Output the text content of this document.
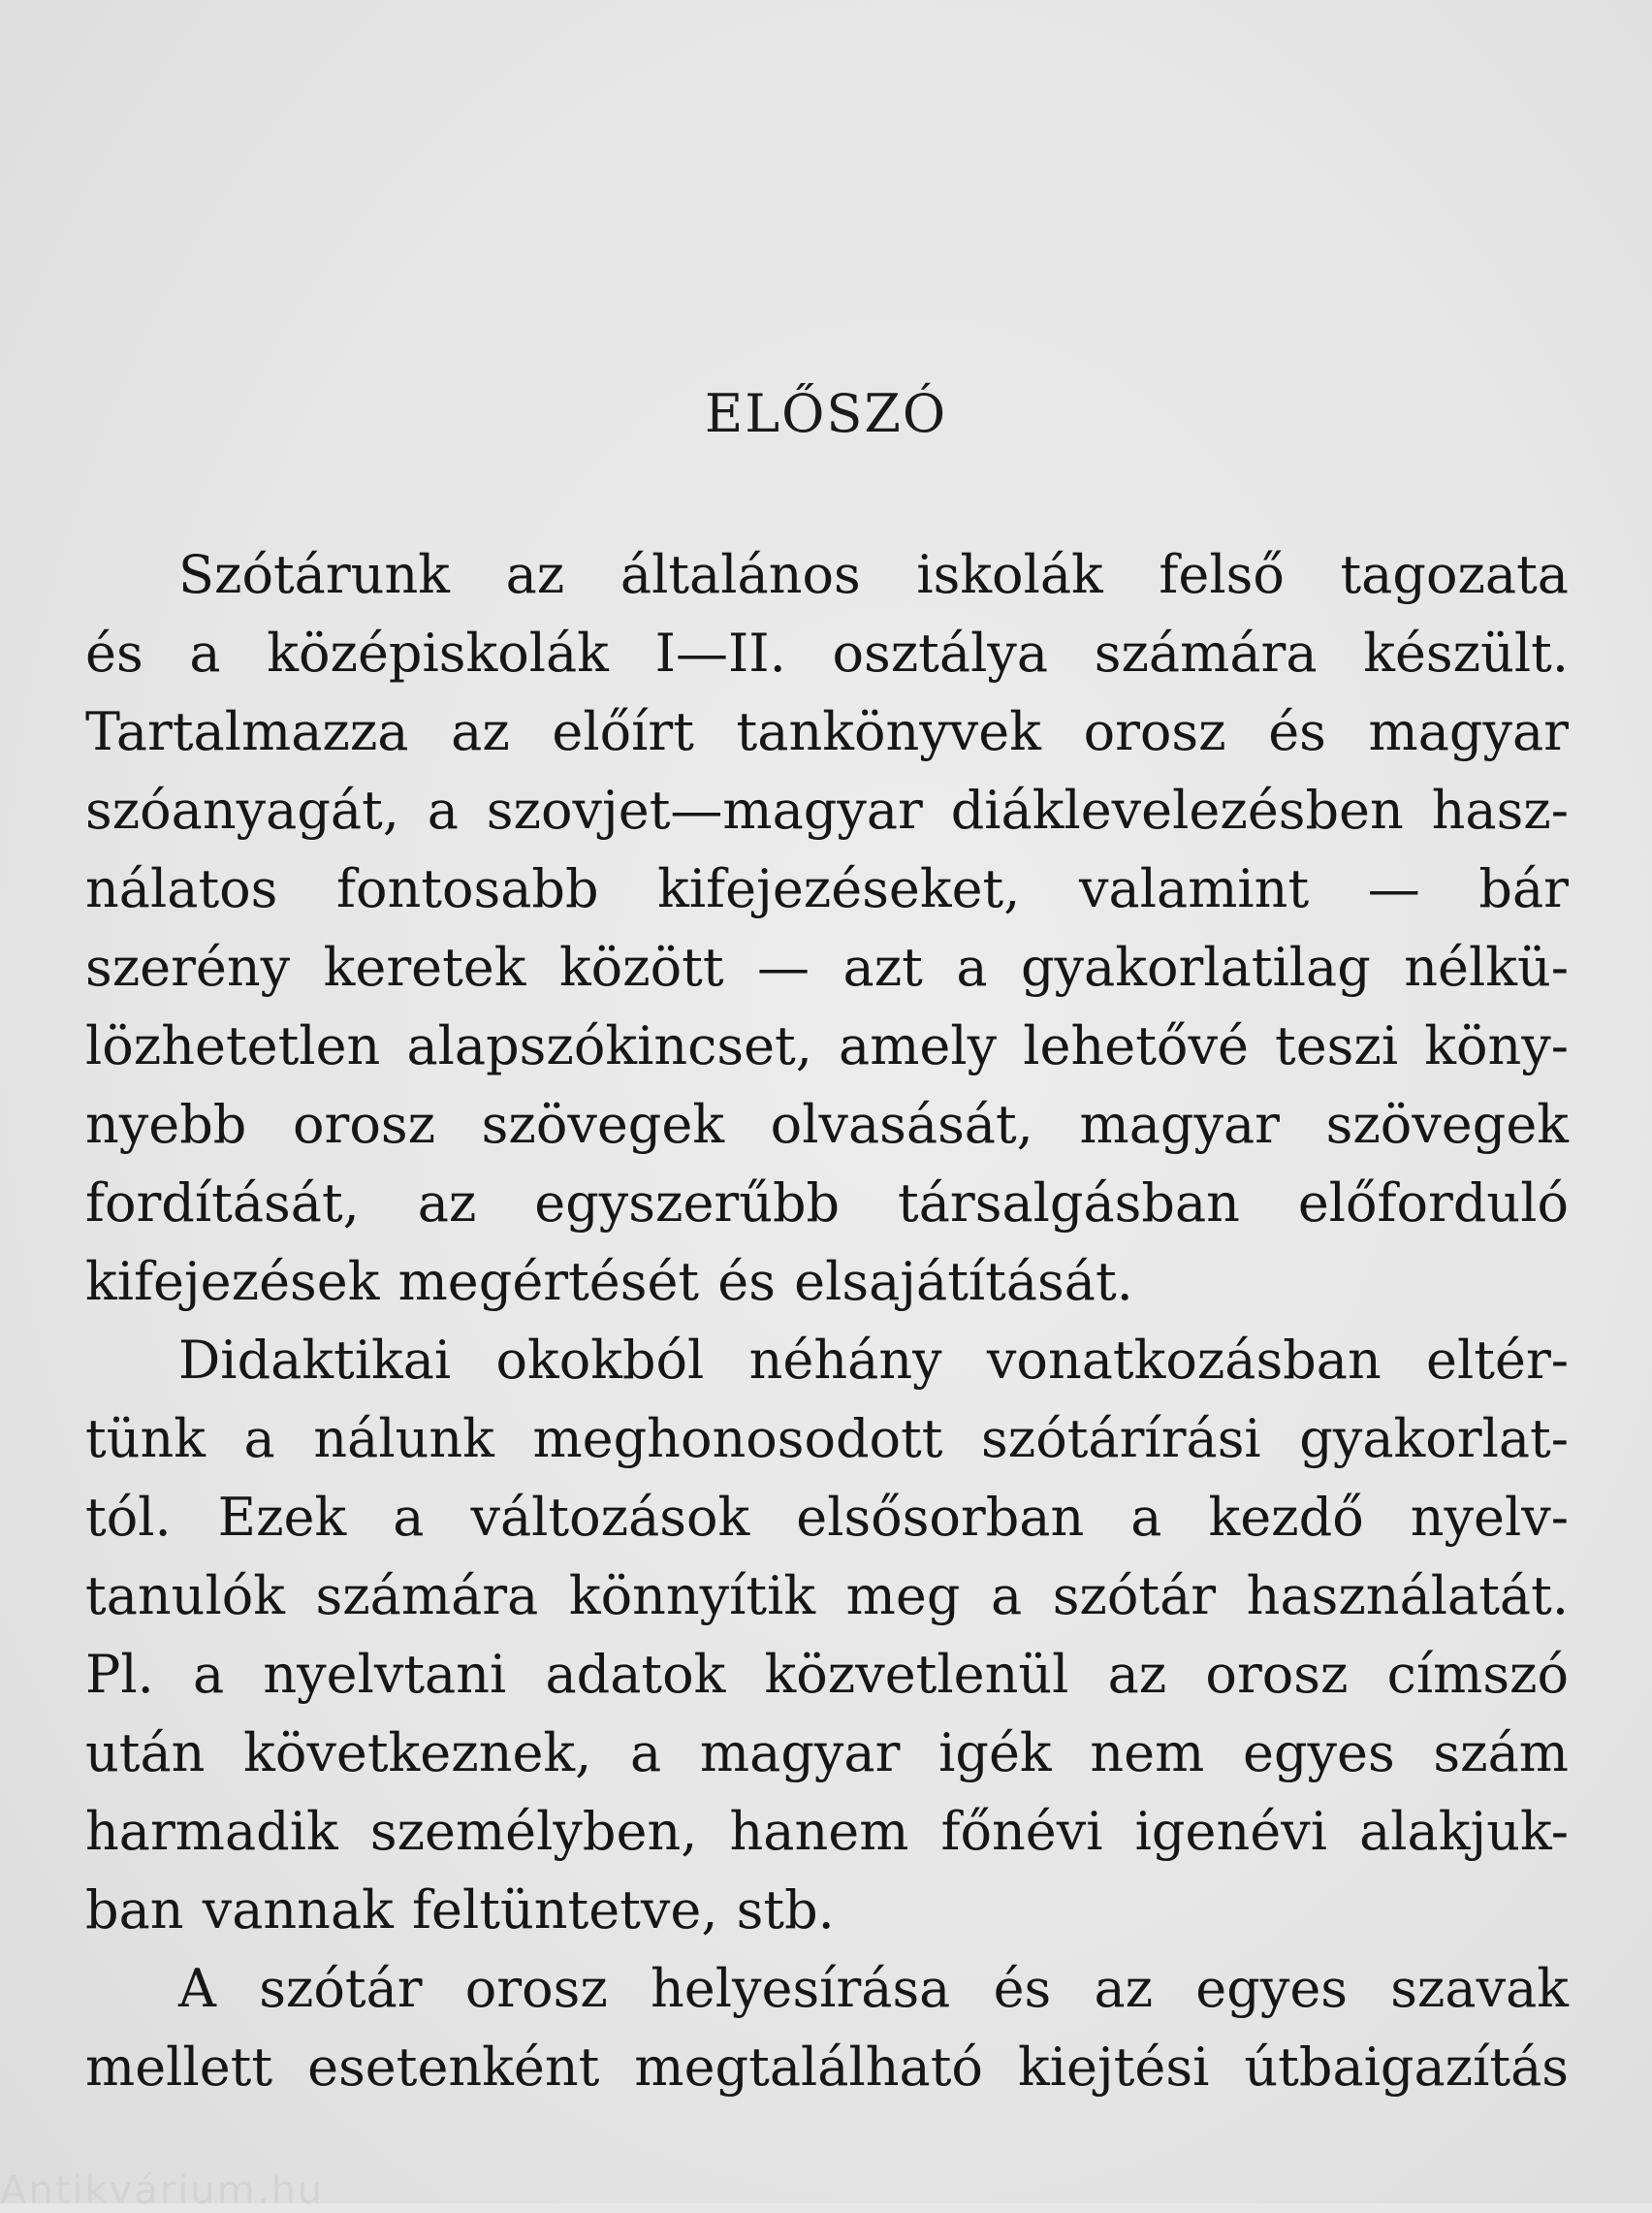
ELŐSZÓ
Szótárunk az általános iskolák felső tagozata
és a középiskolák I—II. osztálya számára készült.
Tartalmazza az előírt tankönyvek orosz és magyar
szóanyagát, a szovjet—magyar diáklevelezésben hasz-
nálatos fontosabb kifejezéseket, valamint — bár
szerény keretek között — azt a gyakorlatilag nélkü-
lözhetetlen alapszókincset, amely lehetővé teszi köny-
nyebb orosz szövegek olvasását, magyar szövegek
fordítását, az egyszerűbb társalgásban előforduló
kifejezések megértését és elsajátítását.
Didaktikai okokból néhány vonatkozásban eltér-
tünk a nálunk meghonosodott szótárírási gyakorlat-
tól. Ezek a változások elsősorban a kezdő nyelv-
tanulók számára könnyítik meg a szótár használatát.
Pl. a nyelvtani adatok közvetlenül az orosz címszó
után következnek, a magyar igék nem egyes szám
harmadik személyben, hanem főnévi igenévi alakjuk-
ban vannak feltüntetve, stb.
A szótár orosz helyesírása és az egyes szavak
mellett esetenként megtalálható kiejtési útbaigazítás
Antikvárium.hu
